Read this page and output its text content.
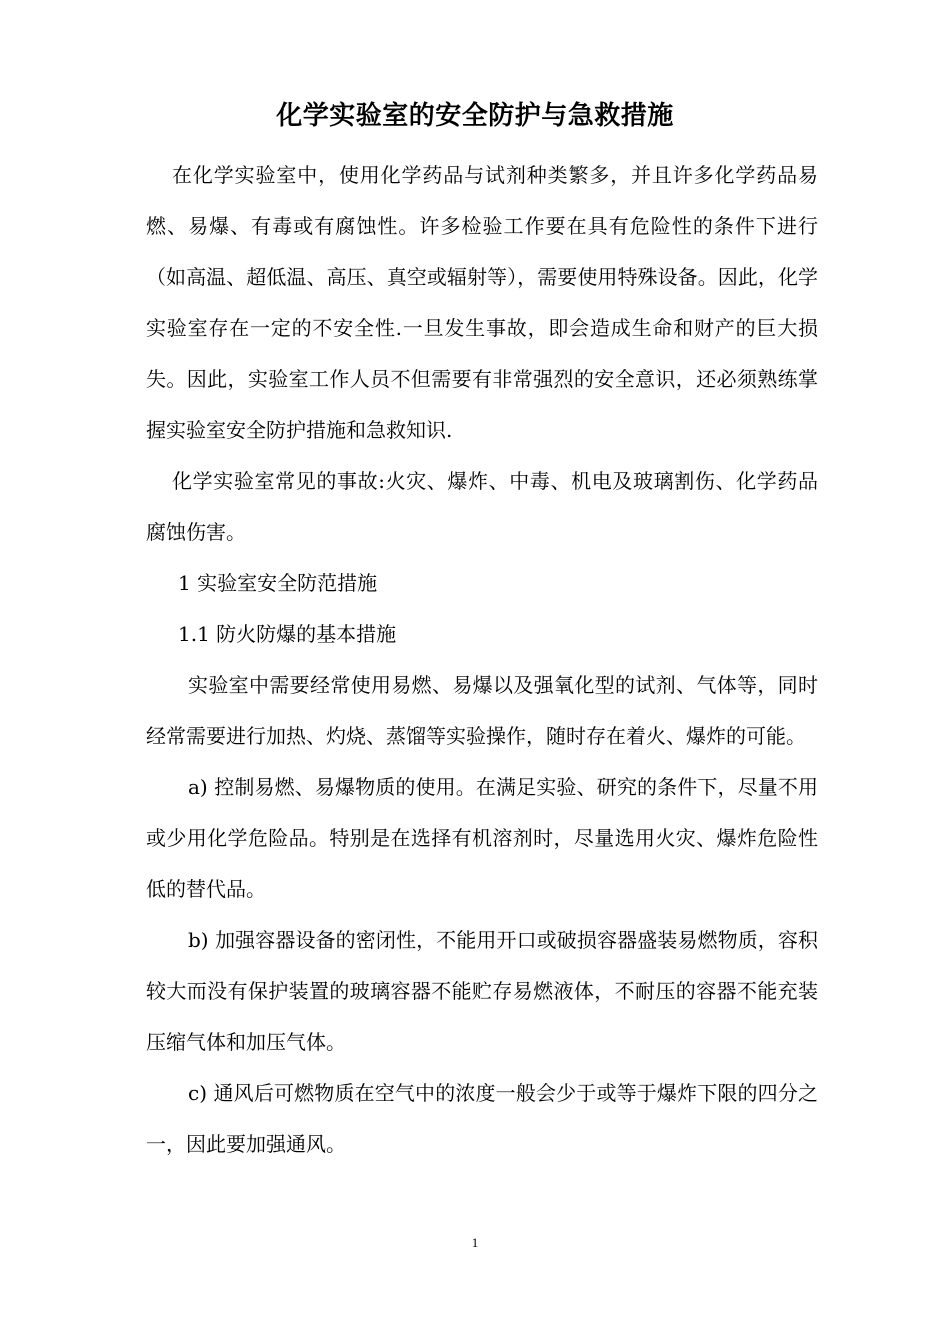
化学实验室的安全防护与急救措施

在化学实验室中，使用化学药品与试剂种类繁多，并且许多化学药品易燃、易爆、有毒或有腐蚀性。许多检验工作要在具有危险性的条件下进行（如高温、超低温、高压、真空或辐射等），需要使用特殊设备。因此，化学实验室存在一定的不安全性.一旦发生事故，即会造成生命和财产的巨大损失。因此，实验室工作人员不但需要有非常强烈的安全意识，还必须熟练掌握实验室安全防护措施和急救知识.

化学实验室常见的事故:火灾、爆炸、中毒、机电及玻璃割伤、化学药品腐蚀伤害。

1 实验室安全防范措施

1.1 防火防爆的基本措施

实验室中需要经常使用易燃、易爆以及强氧化型的试剂、气体等，同时经常需要进行加热、灼烧、蒸馏等实验操作，随时存在着火、爆炸的可能。

a) 控制易燃、易爆物质的使用。在满足实验、研究的条件下，尽量不用或少用化学危险品。特别是在选择有机溶剂时，尽量选用火灾、爆炸危险性低的替代品。

b) 加强容器设备的密闭性，不能用开口或破损容器盛装易燃物质，容积较大而没有保护装置的玻璃容器不能贮存易燃液体，不耐压的容器不能充装压缩气体和加压气体。

c) 通风后可燃物质在空气中的浓度一般会少于或等于爆炸下限的四分之一，因此要加强通风。

1
